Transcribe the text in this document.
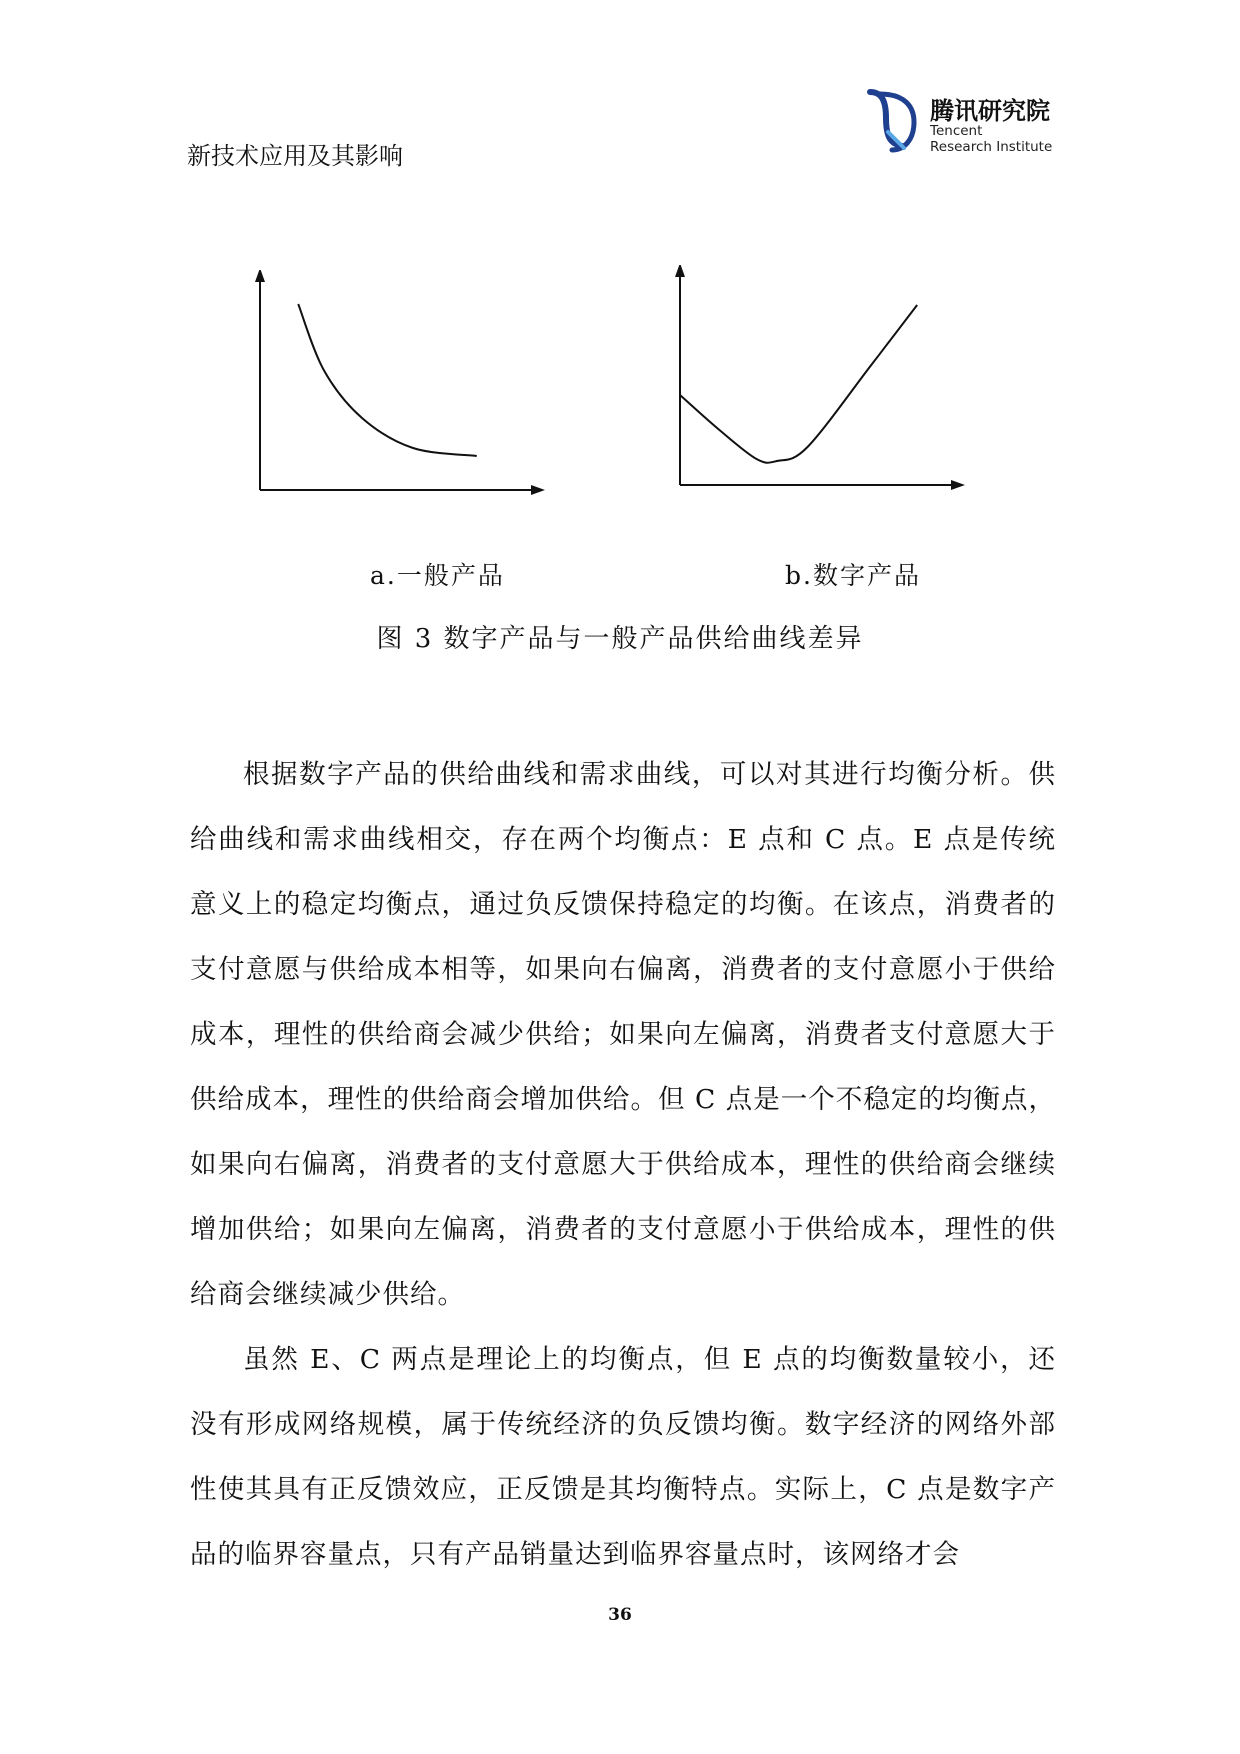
新技术应用及其影响
腾讯研究院
Tencent
Research Institute
a.一般产品	b.数字产品
图 3 数字产品与一般产品供给曲线差异

根据数字产品的供给曲线和需求曲线，可以对其进行均衡分析。供给曲线和需求曲线相交，存在两个均衡点：E 点和 C 点。E 点是传统意义上的稳定均衡点，通过负反馈保持稳定的均衡。在该点，消费者的支付意愿与供给成本相等，如果向右偏离，消费者的支付意愿小于供给成本，理性的供给商会减少供给；如果向左偏离，消费者支付意愿大于供给成本，理性的供给商会增加供给。但 C 点是一个不稳定的均衡点，如果向右偏离，消费者的支付意愿大于供给成本，理性的供给商会继续增加供给；如果向左偏离，消费者的支付意愿小于供给成本，理性的供给商会继续减少供给。

虽然 E、C 两点是理论上的均衡点，但 E 点的均衡数量较小，还没有形成网络规模，属于传统经济的负反馈均衡。数字经济的网络外部性使其具有正反馈效应，正反馈是其均衡特点。实际上，C 点是数字产品的临界容量点，只有产品销量达到临界容量点时，该网络才会

36
